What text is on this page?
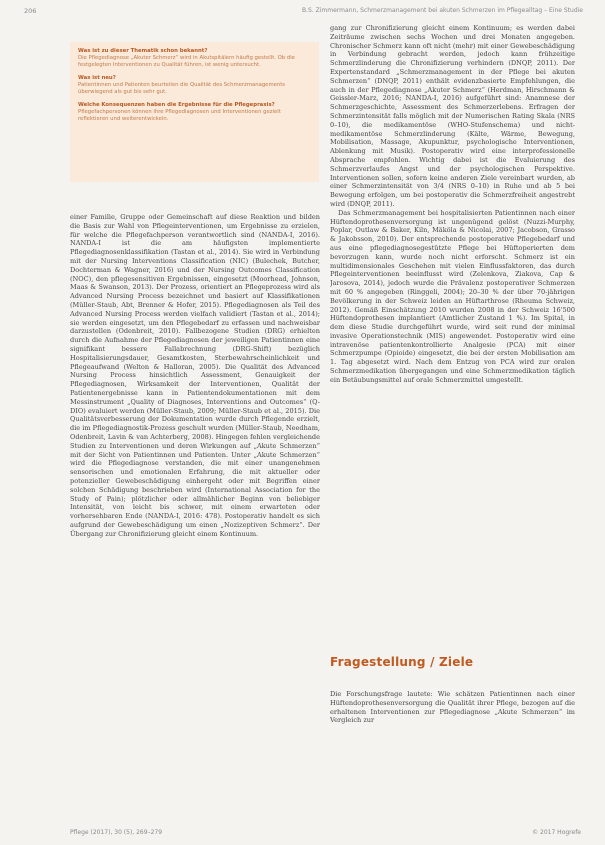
206	B.S. Zimmermann, Schmerzmanagement bei akuten Schmerzen im Pflegealltag – Eine Studie

Was ist zu dieser Thematik schon bekannt?

Die Pflegediagnose „Akuter Schmerz“ wird in Akutspitälern häufig gestellt. Ob die festgelegten Interventionen zu Qualität führen, ist wenig untersucht.

Was ist neu?

Patientinnen und Patienten beurteilen die Qualität des Schmerzmanagements überwiegend als gut bis sehr gut.

Welche Konsequenzen haben die Ergebnisse für die Pflegepraxis?

Pflegefachpersonen können ihre Pflegediagnosen und Interventionen gezielt reflektieren und weiterentwickeln.

einer Familie, Gruppe oder Gemeinschaft auf diese Reaktion und bilden die Basis zur Wahl von Pflegeinterventionen, um Ergebnisse zu erzielen, für welche die Pflegefachperson verantwortlich sind (NANDA-I, 2016). NANDA-I ist die am häufigsten implementierte Pflegediagnosenklassifikation (Tastan et al., 2014). Sie wird in Verbindung mit der Nursing Interventions Classification (NIC) (Bulechek, Butcher, Dochterman & Wagner, 2016) und der Nursing Outcomes Classification (NOC), den pflegesensitiven Ergebnissen, eingesetzt (Moorhead, Johnson, Maas & Swanson, 2013). Der Prozess, orientiert an Pflegeprozess wird als Advanced Nursing Process bezeichnet und basiert auf Klassifikationen (Müller-Staub, Abt, Brenner & Hofer, 2015). Pflegediagnosen als Teil des Advanced Nursing Process werden vielfach validiert (Tastan et al., 2014); sie werden eingesetzt, um den Pflegebedarf zu erfassen und nachweisbar darzustellen (Odenbreit, 2010). Fallbezogene Studien (DRG) erhielten durch die Aufnahme der Pflegediagnosen der jeweiligen Patientinnen eine signifikant bessere Fallabrechnung (DRG-Shift) bezüglich Hospitalisierungsdauer, Gesamtkosten, Sterbewahrscheinlichkeit und Pflegeaufwand (Welton & Halloran, 2005). Die Qualität des Advanced Nursing Process hinsichtlich Assessment, Genauigkeit der Pflegediagnosen, Wirksamkeit der Interventionen, Qualität der Patientenergebnisse kann in Patientendokumentationen mit dem Messinstrument „Quality of Diagnoses, Interventions and Outcomes“ (Q-DIO) evaluiert werden (Müller-Staub, 2009; Müller-Staub et al., 2015). Die Qualitätsverbesserung der Dokumentation wurde durch Pflegende erzielt, die im Pflegediagnostik-Prozess geschult wurden (Müller-Staub, Needham, Odenbreit, Lavin & van Achterberg, 2008). Hingegen fehlen vergleichende Studien zu Interventionen und deren Wirkungen auf „Akute Schmerzen“ mit der Sicht von Patientinnen und Patienten. Unter „Akute Schmerzen“ wird die Pflegediagnose verstanden, die mit einer unangenehmen sensorischen und emotionalen Erfahrung, die mit aktueller oder potenzieller Gewebeschädigung einhergeht oder mit Begriffen einer solchen Schädigung beschrieben wird (International Association for the Study of Pain); plötzlicher oder allmählicher Beginn von beliebiger Intensität, von leicht bis schwer, mit einem erwarteten oder vorhersehbaren Ende (NANDA-I, 2016: 478). Postoperativ handelt es sich aufgrund der Gewebeschädigung um einen „Nozizeptiven Schmerz“. Der Übergang zur Chronifizierung gleicht einem Kontinuum.

gang zur Chronifizierung gleicht einem Kontinuum; es werden dabei Zeiträume zwischen sechs Wochen und drei Monaten angegeben. Chronischer Schmerz kann oft nicht (mehr) mit einer Gewebeschädigung in Verbindung gebracht werden, jedoch kann frühzeitige Schmerzlinderung die Chronifizierung verhindern (DNQP, 2011). Der Expertenstandard „Schmerzmanagement in der Pflege bei akuten Schmerzen“ (DNQP, 2011) enthält evidenzbasierte Empfehlungen, die auch in der Pflegediagnose „Akuter Schmerz“ (Herdman, Hirschmann & Geissler-Marz, 2016; NANDA-I, 2016) aufgeführt sind: Anamnese der Schmerzgeschichte, Assessment des Schmerzerlebens. Erfragen der Schmerzintensität falls möglich mit der Numerischen Rating Skala (NRS 0–10), die medikamentöse (WHO-Stufenschema) und nicht-medikamentöse Schmerzlinderung (Kälte, Wärme, Bewegung, Mobilisation, Massage, Akupunktur, psychologische Interventionen, Ablenkung mit Musik). Postoperativ wird eine interprofessionelle Absprache empfohlen. Wichtig dabei ist die Evaluierung des Schmerzverlaufes Angst und der psychologischen Perspektive. Interventionen sollen, sofern keine anderen Ziele vereinbart wurden, ab einer Schmerzintensität von 3/4 (NRS 0–10) in Ruhe und ab 5 bei Bewegung erfolgen, um bei postoperativ die Schmerzfreiheit angestrebt wird (DNQP, 2011).

Das Schmerzmanagement bei hospitalisierten Patientinnen nach einer Hüftendoprothesenversorgung ist ungenügend gelöst (Nuzzi-Murphy, Poplar, Outlaw & Baker, Kiln, Mäköla & Nicolai, 2007; Jacobson, Grasso & Jakobsson, 2010). Der entsprechende postoperative Pflegebedarf und aus eine pflegediagnosegestützte Pflege bei Hüftoperierten dem bevorzugen kann, wurde noch nicht erforscht. Schmerz ist ein multidimensionales Geschehen mit vielen Einflussfaktoren, das durch Pflegeinterventionen beeinflusst wird (Zelenkova, Ziakova, Cap & Jarosova, 2014), jedoch wurde die Prävalenz postoperativer Schmerzen mit 60 % angegeben (Ringgeli, 2004); 20–30 % der über 70-jährigen Bevölkerung in der Schweiz leiden an Hüftarthrose (Rheuma Schweiz, 2012). Gemäß Einschätzung 2010 wurden 2008 in der Schweiz 16'500 Hüftendoprothesen implantiert (Amtlicher Zustand 1 %). Im Spital, in dem diese Studie durchgeführt wurde, wird seit rund der minimal invasive Operationstechnik (MIS) angewendet. Postoperativ wird eine intravenöse patientenkontrollierte Analgesie (PCA) mit einer Schmerzpumpe (Opioide) eingesetzt, die bei der ersten Mobilisation am 1. Tag abgesetzt wird. Nach dem Entzug von PCA wird zur oralen Schmerzmedikation übergegangen und eine Schmerzmedikation täglich ein Betäubungsmittel auf orale Schmerzmittel umgestellt.

Fragestellung / Ziele

Die Forschungsfrage lautete: Wie schätzen Patientinnen nach einer Hüftendoprothesenversorgung die Qualität ihrer Pflege, bezogen auf die erhaltenen Interventionen zur Pflegediagnose „Akute Schmerzen“ im Vergleich zur

Pflege (2017), 30 (5), 269–279	© 2017 Hogrefe
